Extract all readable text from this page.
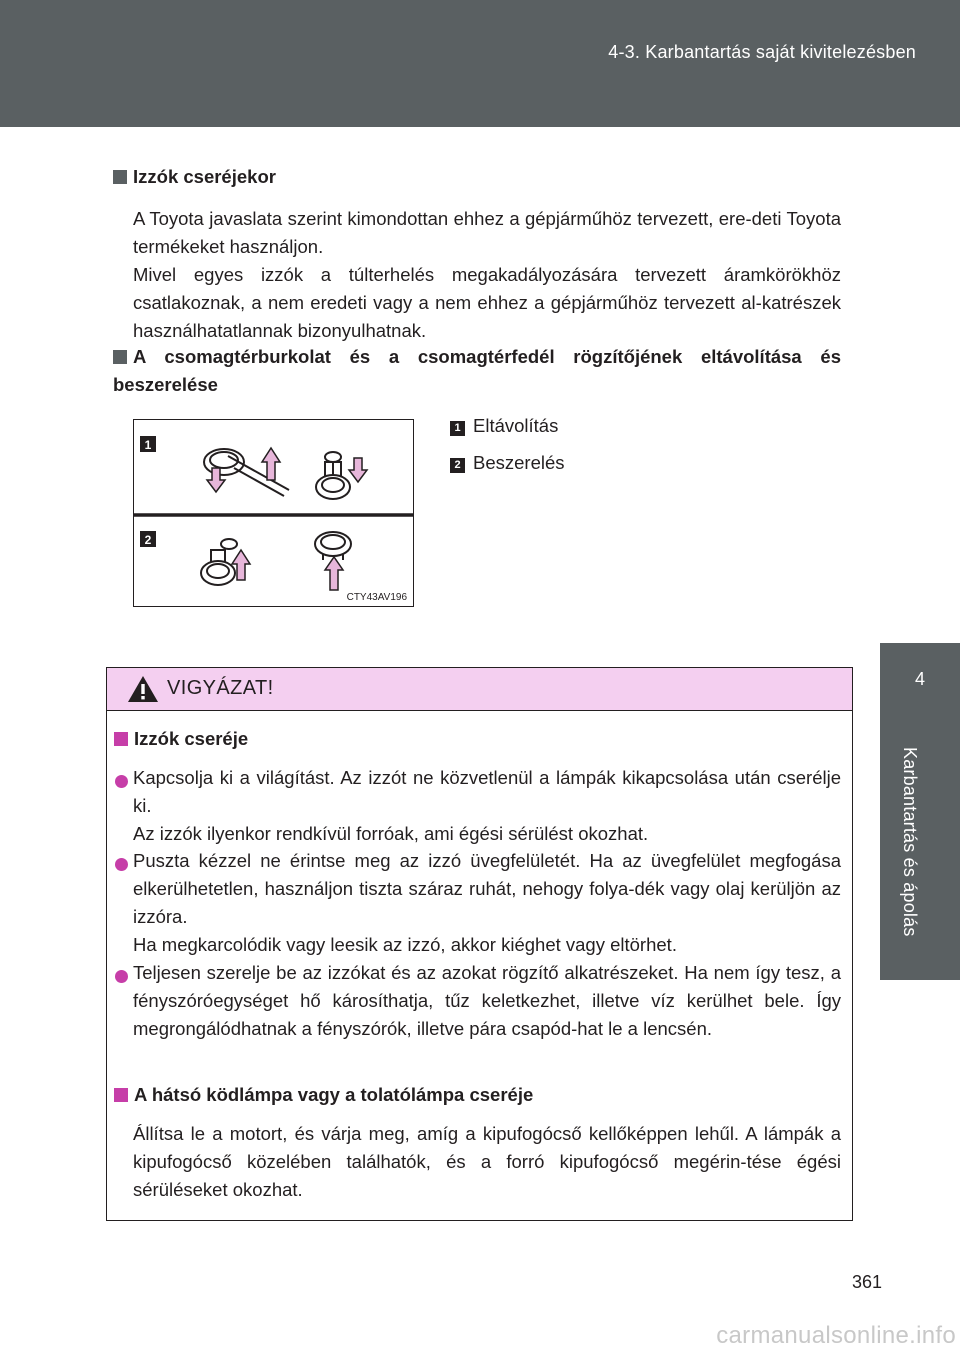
4-3. Karbantartás saját kivitelezésben
4
Karbantartás és ápolás
Izzók cseréjekor
A Toyota javaslata szerint kimondottan ehhez a gépjárműhöz tervezett, ere-deti Toyota termékeket használjon.
Mivel egyes izzók a túlterhelés megakadályozására tervezett áramkörökhöz csatlakoznak, a nem eredeti vagy a nem ehhez a gépjárműhöz tervezett al-katrészek használhatatlannak bizonyulhatnak.
A csomagtérburkolat és a csomagtérfedél rögzítőjének eltávolítása és beszerelése
1
2
CTY43AV196
1 Eltávolítás
2 Beszerelés
VIGYÁZAT!
Izzók cseréje
Kapcsolja ki a világítást. Az izzót ne közvetlenül a lámpák kikapcsolása után cserélje ki.
Az izzók ilyenkor rendkívül forróak, ami égési sérülést okozhat.
Puszta kézzel ne érintse meg az izzó üvegfelületét. Ha az üvegfelület megfogása elkerülhetetlen, használjon tiszta száraz ruhát, nehogy folya-dék vagy olaj kerüljön az izzóra.
Ha megkarcolódik vagy leesik az izzó, akkor kiéghet vagy eltörhet.
Teljesen szerelje be az izzókat és az azokat rögzítő alkatrészeket. Ha nem így tesz, a fényszóróegységet hő károsíthatja, tűz keletkezhet, illetve víz kerülhet bele. Így megrongálódhatnak a fényszórók, illetve pára csapód-hat le a lencsén.
A hátsó ködlámpa vagy a tolatólámpa cseréje
Állítsa le a motort, és várja meg, amíg a kipufogócső kellőképpen lehűl. A lámpák a kipufogócső közelében találhatók, és a forró kipufogócső megérin-tése égési sérüléseket okozhat.
361
carmanualsonline.info
